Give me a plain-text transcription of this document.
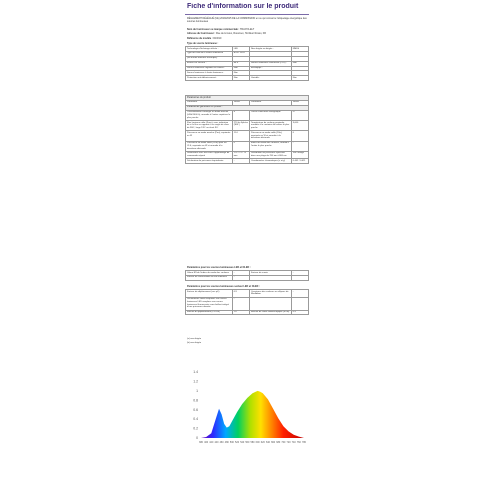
Fiche d'information sur le produit
RÈGLEMENT DÉLÉGUÉ (UE) 2019/2015 DE LA COMMISSION en ce qui concerne l'étiquetage énergétique des sources lumineuses
Nom du fournisseur ou marque commerciale : TRANYA ELT
Adresse du fournisseur : Rue de Limoux, Rousmen, Honfleur Rosso, FR
Référence du modèle : D1W10
Type de source lumineuse :
Technologie d'éclairage utilisée :	LED	Non dirigée ou dirigée :	NMSS
Type de culot de la source lumineuse	B22D 230V		
(ou d'autre interface électrique)			
Éclairé sur secteur :	MLS	Source lumineuse connectée (CLS) :	Non
Source lumineuse réglable en couleur :	Non	Enveloppe :	
Source lumineuse à haute luminance :	Non		
Protection anti-éblouissement :	Non	Variable :	Non
Paramètres du produit			
Paramètre	Valeur	Paramètre	Valeur
Paramètres généraux du produit :			
Consommation d'énergie en mode marche (kWh/1000 h), arrondie à l'entier supérieur le plus proche	8	Classe d'efficacité énergétique	G
Flux lumineux utile (Φuse), avec indication de si le flux se rapporte à un angle de cône de 360°, large 120° ou étroit 90°	270 lm Sphère (360°)	Température de couleur proximale, arrondie à la centaine de kelvins la plus proche	3,000
Puissance en mode marche (Pon), exprimée en W	11.0	Puissance en mode veille (Psb), exprimée en W et arrondie à la deuxième décimale	0
Puissance en mode veille (Pnet) pour les CLS, exprimée en W et arrondie à la deuxième décimale	0	Indice de rendu des couleurs, arrondi à l'entier le plus proche	-
Dimensions hors tout sans l'appareillage de commande séparé	175 / 73 / 73 mm	Distribution de puissance spectrale dans une plage de 250 nm à 800 nm	Voir l'image
Déclaration de puissance équivalente	-	Coordonnées chromatiques (x et y)	0.442 / 0.411
Paramètres pour les sources lumineuses LED et OLED :
Valeur R9 de l'indice de rendu des couleurs	-	Facteur de survie	-
Facteur de conservation du flux lumineux	-		
Paramètres pour les sources lumineuses secteur LED et OLED :
Facteur de déplacement (cos φ1)	0.9	Constance des couleurs en ellipses de MacAdam	-
Déclarations selon lesquelles une source lumineuse LED remplace une source lumineuse fluorescente sans ballast intégré d'une puissance donnée	-		
Mesure du papillotement (Pst LM)	1.0	Mesure de l'effet stroboscopique (SVM)	0.4
(a) non dirigée
(b) non dirigée
1.4
1.2
1
0.8
0.6
0.4
0.2
0
380 400 420 440 460 480 500 520 540 560 580 600 620 640 660 680 700 720 740 760 780
